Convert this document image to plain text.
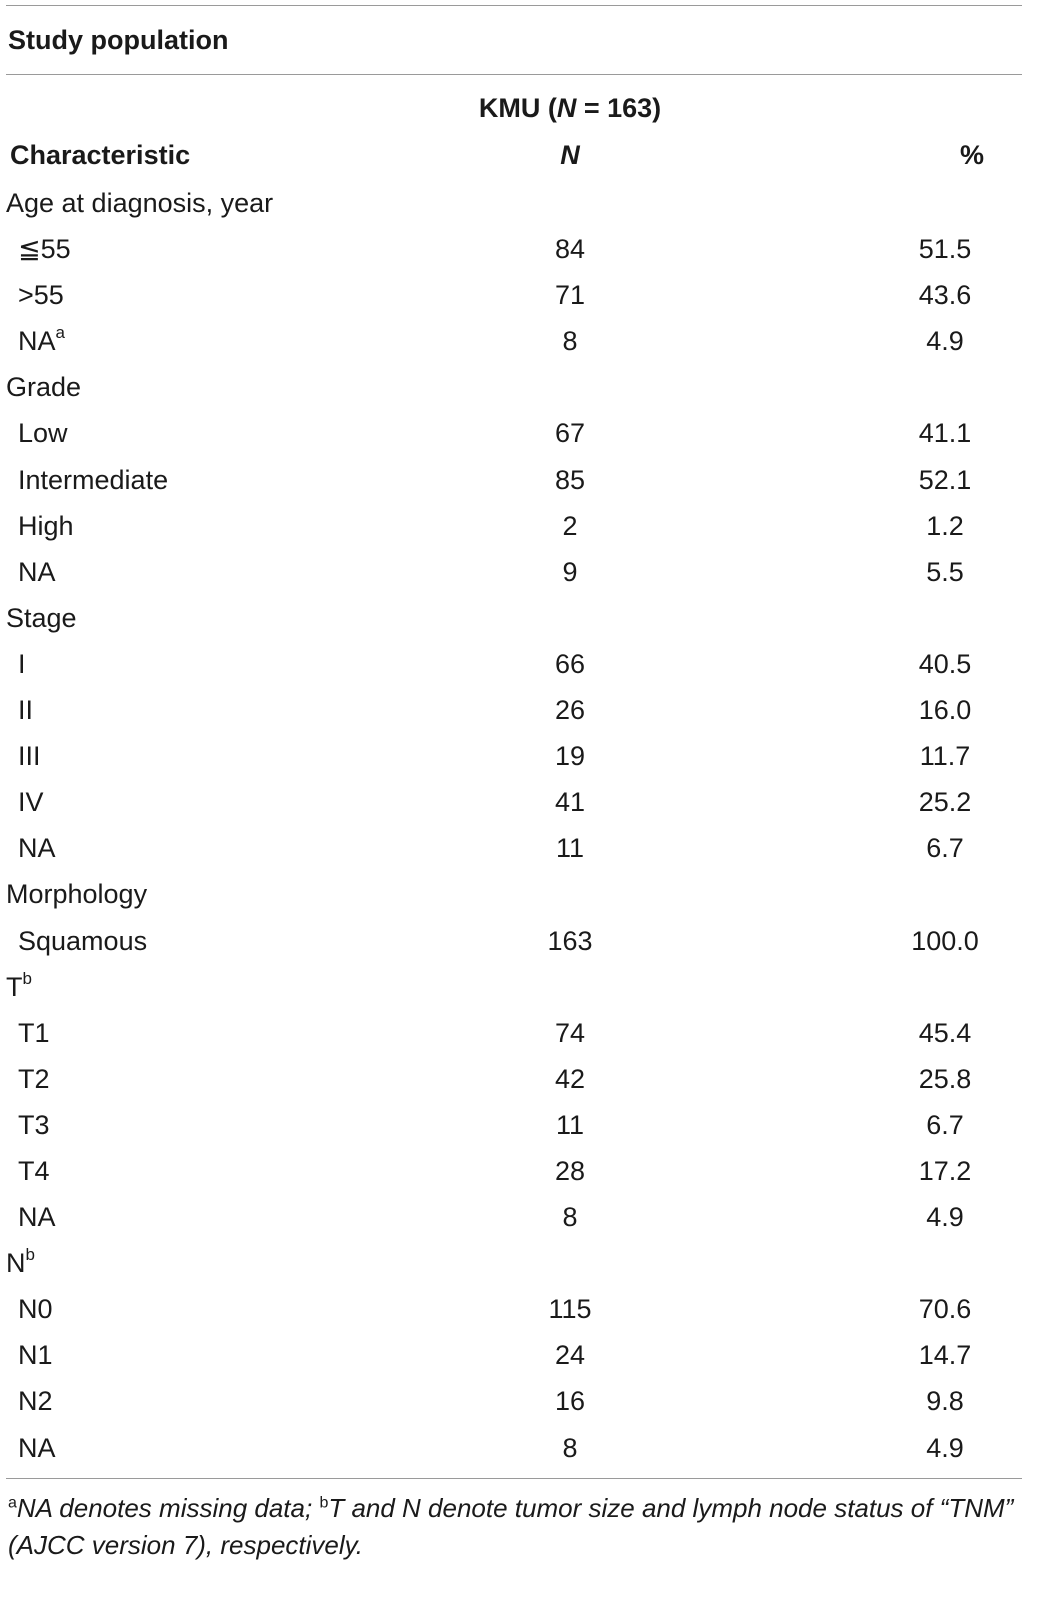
Study population
KMU (N = 163)
Characteristic	N	%
Age at diagnosis, year
≦55	84	51.5
>55	71	43.6
$NA^a$	8	4.9
Grade
Low	67	41.1
Intermediate	85	52.1
High	2	1.2
NA	9	5.5
Stage
I	66	40.5
II	26	16.0
III	19	11.7
IV	41	25.2
NA	11	6.7
Morphology
Squamous	163	100.0
$T^b$
T1	74	45.4
T2	42	25.8
T3	11	6.7
T4	28	17.2
NA	8	4.9
$N^b$
N0	115	70.6
N1	24	14.7
N2	16	9.8
NA	8	4.9
$^a$NA denotes missing data; $^b$T and N denote tumor size and lymph node status of “TNM” (AJCC version 7), respectively.
